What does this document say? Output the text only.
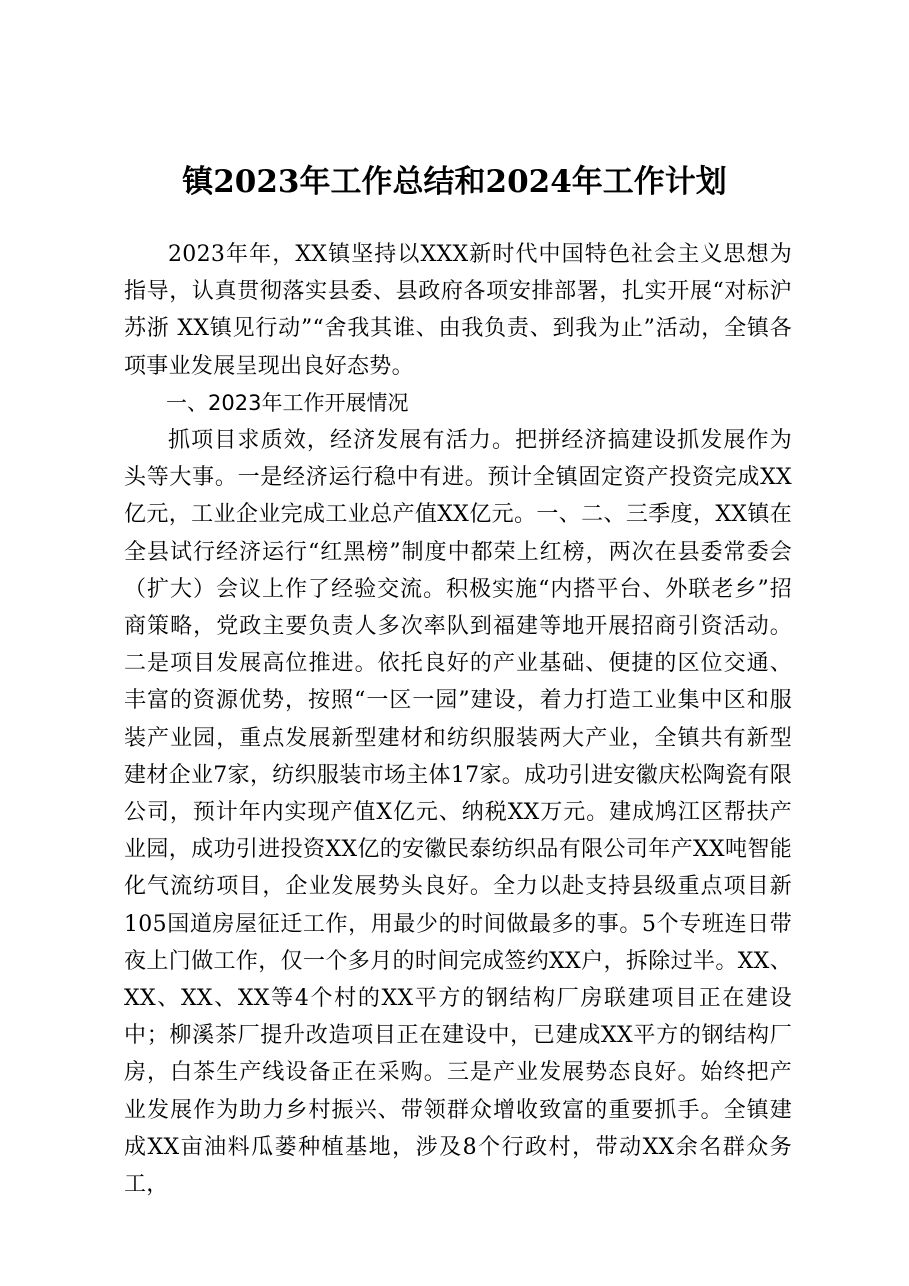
镇2023年工作总结和2024年工作计划

2023年年，XX镇坚持以XXX新时代中国特色社会主义思想为指导，认真贯彻落实县委、县政府各项安排部署，扎实开展“对标沪苏浙 XX镇见行动”“舍我其谁、由我负责、到我为止”活动，全镇各项事业发展呈现出良好态势。

一、2023年工作开展情况

抓项目求质效，经济发展有活力。把拼经济搞建设抓发展作为头等大事。一是经济运行稳中有进。预计全镇固定资产投资完成XX亿元，工业企业完成工业总产值XX亿元。一、二、三季度，XX镇在全县试行经济运行“红黑榜”制度中都荣上红榜，两次在县委常委会（扩大）会议上作了经验交流。积极实施“内搭平台、外联老乡”招商策略，党政主要负责人多次率队到福建等地开展招商引资活动。二是项目发展高位推进。依托良好的产业基础、便捷的区位交通、丰富的资源优势，按照“一区一园”建设，着力打造工业集中区和服装产业园，重点发展新型建材和纺织服装两大产业，全镇共有新型建材企业7家，纺织服装市场主体17家。成功引进安徽庆松陶瓷有限公司，预计年内实现产值X亿元、纳税XX万元。建成鸠江区帮扶产业园，成功引进投资XX亿的安徽民泰纺织品有限公司年产XX吨智能化气流纺项目，企业发展势头良好。全力以赴支持县级重点项目新105国道房屋征迁工作，用最少的时间做最多的事。5个专班连日带夜上门做工作，仅一个多月的时间完成签约XX户，拆除过半。XX、XX、XX、XX等4个村的XX平方的钢结构厂房联建项目正在建设中；柳溪茶厂提升改造项目正在建设中，已建成XX平方的钢结构厂房，白茶生产线设备正在采购。三是产业发展势态良好。始终把产业发展作为助力乡村振兴、带领群众增收致富的重要抓手。全镇建成XX亩油料瓜蒌种植基地，涉及8个行政村，带动XX余名群众务工，
